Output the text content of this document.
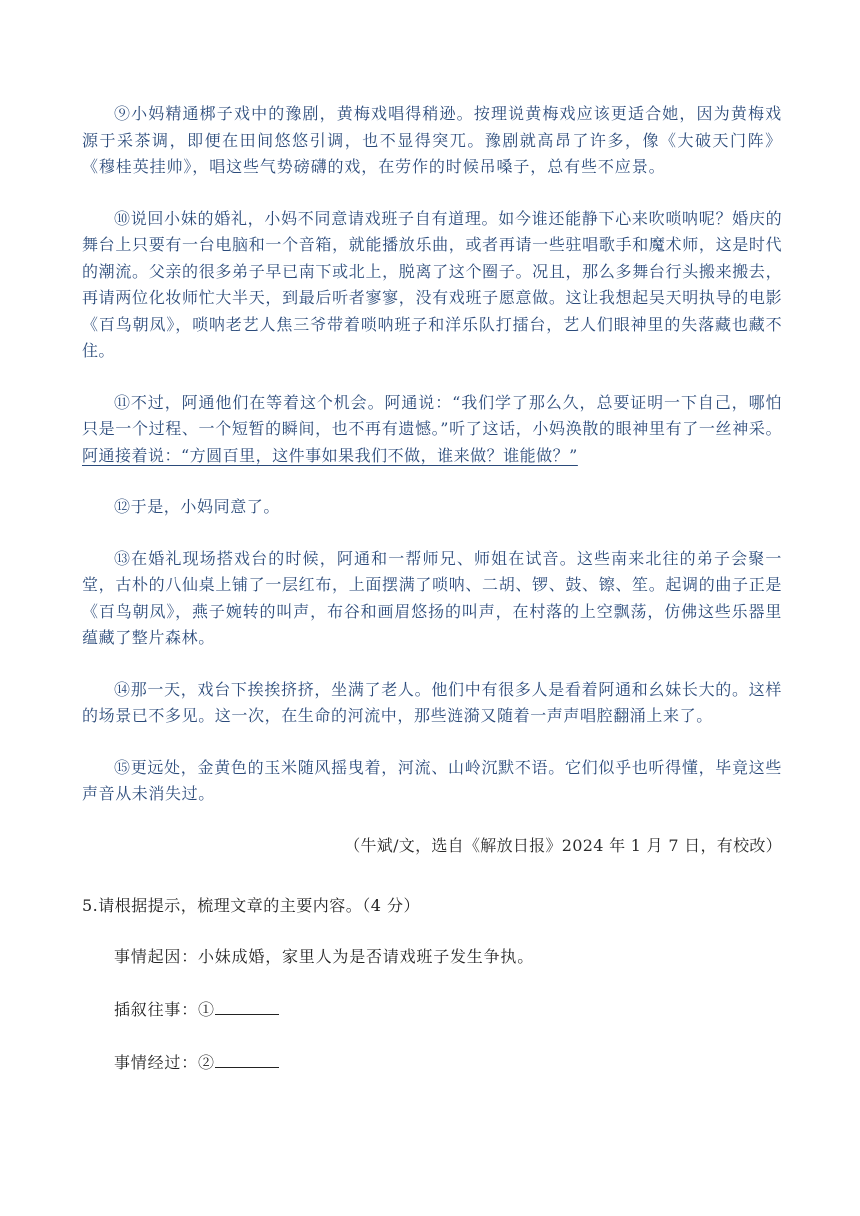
⑨小妈精通梆子戏中的豫剧，黄梅戏唱得稍逊。按理说黄梅戏应该更适合她，因为黄梅戏源于采茶调，即便在田间悠悠引调，也不显得突兀。豫剧就高昂了许多，像《大破天门阵》《穆桂英挂帅》，唱这些气势磅礴的戏，在劳作的时候吊嗓子，总有些不应景。

⑩说回小妹的婚礼，小妈不同意请戏班子自有道理。如今谁还能静下心来吹唢呐呢？婚庆的舞台上只要有一台电脑和一个音箱，就能播放乐曲，或者再请一些驻唱歌手和魔术师，这是时代的潮流。父亲的很多弟子早已南下或北上，脱离了这个圈子。况且，那么多舞台行头搬来搬去，再请两位化妆师忙大半天，到最后听者寥寥，没有戏班子愿意做。这让我想起吴天明执导的电影《百鸟朝凤》，唢呐老艺人焦三爷带着唢呐班子和洋乐队打擂台，艺人们眼神里的失落藏也藏不住。

⑪不过，阿通他们在等着这个机会。阿通说：“我们学了那么久，总要证明一下自己，哪怕只是一个过程、一个短暂的瞬间，也不再有遗憾。”听了这话，小妈涣散的眼神里有了一丝神采。阿通接着说：“方圆百里，这件事如果我们不做，谁来做？谁能做？”

⑫于是，小妈同意了。

⑬在婚礼现场搭戏台的时候，阿通和一帮师兄、师姐在试音。这些南来北往的弟子会聚一堂，古朴的八仙桌上铺了一层红布，上面摆满了唢呐、二胡、锣、鼓、镲、笙。起调的曲子正是《百鸟朝凤》，燕子婉转的叫声，布谷和画眉悠扬的叫声，在村落的上空飘荡，仿佛这些乐器里蕴藏了整片森林。

⑭那一天，戏台下挨挨挤挤，坐满了老人。他们中有很多人是看着阿通和幺妹长大的。这样的场景已不多见。这一次，在生命的河流中，那些涟漪又随着一声声唱腔翻涌上来了。

⑮更远处，金黄色的玉米随风摇曳着，河流、山岭沉默不语。它们似乎也听得懂，毕竟这些声音从未消失过。

（牛斌/文，选自《解放日报》2024 年 1 月 7 日，有校改）

5.请根据提示，梳理文章的主要内容。（4 分）

事情起因：小妹成婚，家里人为是否请戏班子发生争执。

插叙往事：①

事情经过：②
